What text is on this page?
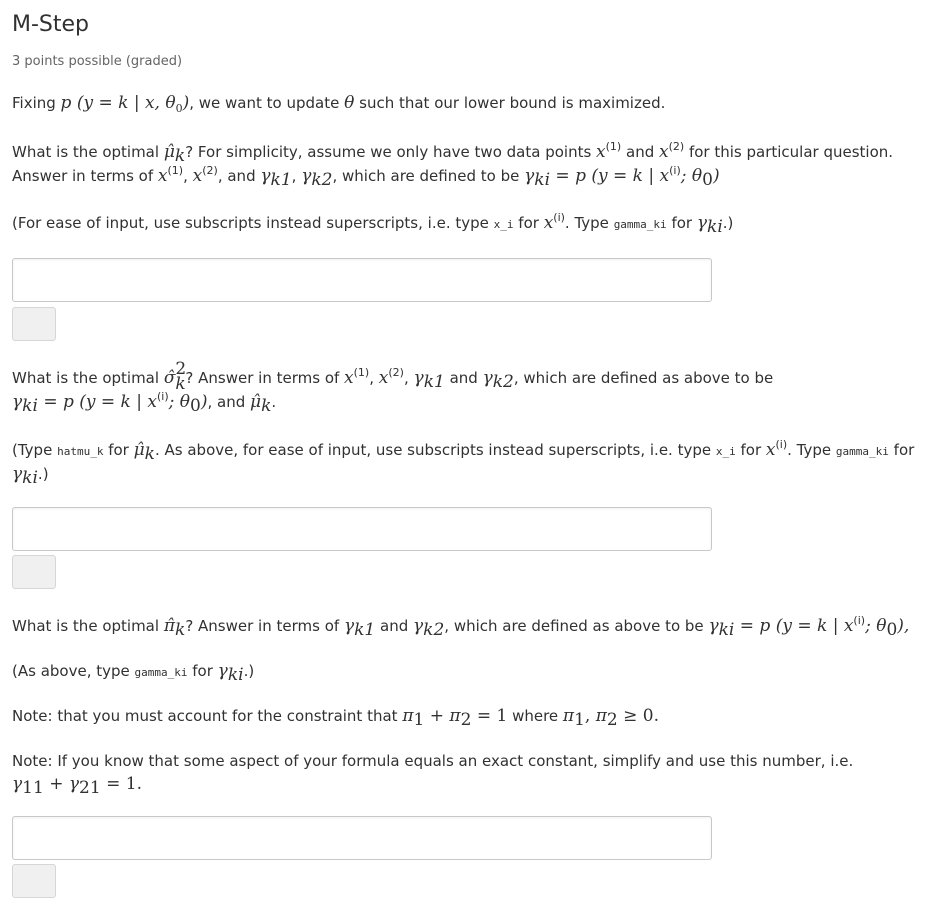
M-Step
3 points possible (graded)
Fixing p (y = k | x, $\theta_0$), we want to update θ such that our lower bound is maximized.
What is the optimal $\mû_k$? For simplicity, assume we only have two data points $x^{(1)}$ and $x^{(2)}$ for this particular question.
Answer in terms of $x^{(1)}$, $x^{(2)}$, and $\gamma_{k1}$, $\gamma_{k2}$, which are defined to be $\gamma_{ki} = p$ (y = k | $x^{(i)}$; $\theta_0$)
(For ease of input, use subscripts instead superscripts, i.e. type x_i for $x^{(i)}$. Type gamma_ki for $\gamma_{ki}$.)
What is the optimal σ̂ 2
k ? Answer in terms of $x^{(1)}$, $x^{(2)}$, $\gamma_{k1}$ and $\gamma_{k2}$, which are defined as above to be
$\gamma_{ki} = p$ (y = k | $x^{(i)}$; $\theta_0$), and $\mû_k$.
(Type hatmu_k for $\mû_k$. As above, for ease of input, use subscripts instead superscripts, i.e. type x_i for $x^{(i)}$. Type gamma_ki for
$\gamma_{ki}$.)
What is the optimal $\pî_k$? Answer in terms of $\gamma_{k1}$ and $\gamma_{k2}$, which are defined as above to be $\gamma_{ki} = p$ (y = k | $x^{(i)}$; $\theta_0$),
(As above, type gamma_ki for $\gamma_{ki}$.)
Note: that you must account for the constraint that $\pi_1 + \pi_2 = 1$ where $\pi_1$, $\pi_2 \ge 0$.
Note: If you know that some aspect of your formula equals an exact constant, simplify and use this number, i.e.
$\gamma_{11} + \gamma_{21} = 1$.
